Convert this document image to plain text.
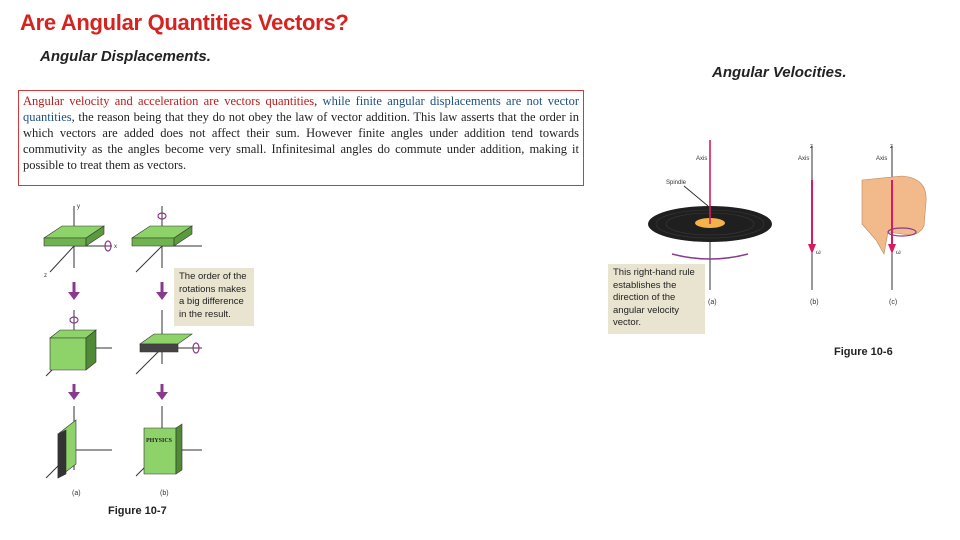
Are Angular Quantities Vectors?
Angular Displacements.
Angular Velocities.
Angular velocity and acceleration are vectors quantities, while finite angular displacements are not vector quantities, the reason being that they do not obey the law of vector addition. This law asserts that the order in which vectors are added does not affect their sum. However finite angles under addition tend towards commutivity as the angles become very small. Infinitesimal angles do commute under addition, making it possible to treat them as vectors.
y
x
z
(a)
PHYSICS
(b)
The order of the rotations makes a big difference in the result.
Figure 10-7
Axis
Spindle
(a)
z
Axis
ω
(b)
z
Axis
ω
(c)
This right-hand rule establishes the direction of the angular velocity vector.
Figure 10-6
